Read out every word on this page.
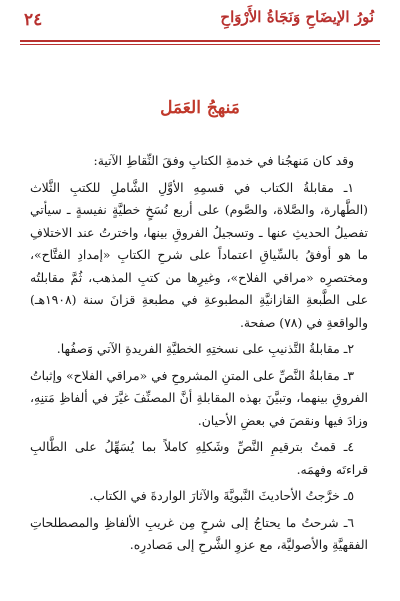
٢٤	نُورُ الإيضَاحِ وَنَجَاةُ الأَرْوَاحِ
مَنهجُ العَمَل

وقد كان مَنهجُنا في خدمةِ الكتابِ وفقَ النِّقاطِ الآتية:

١ـ مقابلةُ الكتاب في قسمِهِ الأوَّلِ الشَّاملِ للكتبِ الثَّلاث (الطَّهارة، والصَّلاة، والصَّوم) على أربع نُسَخٍ خطيَّةٍ نفيسةٍ ـ سيأتي تفصيلُ الحديثِ عنها ـ وتسجيلُ الفروقِ بينها، واخترتُ عند الاختلافِ ما هو أوفقُ بالسِّياقِ اعتماداً على شرحِ الكتابِ «إمدادِ الفتَّاح»، ومختصرِه «مراقي الفلاح»، وغيرِها من كتبِ المذهب، ثُمَّ مقابلتُه على الطَّبعةِ القازانيَّةِ المطبوعةِ في مطبعةِ قزانَ سنة (١٩٠٨هـ) والواقعةِ في (٧٨) صفحة.

٢ـ مقابلةُ التَّذنيبِ على نسختِهِ الخطيَّةِ الفريدةِ الآتي وَصفُها.

٣ـ مقابلةُ النَّصِّ على المتنِ المشروحِ في «مراقي الفلاح» وإثباتُ الفروقِ بينهما، وتبيَّنَ بهذه المقابلةِ أنَّ المصنِّفَ غيَّرَ في ألفاظِ مَتنِهِ، وزادَ فيها ونقصَ في بعضِ الأحيان.

٤ـ قمتُ بترقيمِ النَّصِّ وشَكلِهِ كاملاً بما يُسَهِّلُ على الطَّالبِ قراءتَه وفهمَه.

٥ـ خرَّجتُ الأحاديثَ النَّبويَّةَ والآثارَ الواردةَ في الكتاب.

٦ـ شرحتُ ما يحتاجُ إلى شرحٍ مِن غريبِ الألفاظِ والمصطلحاتِ الفقهيَّةِ والأصوليَّة، مع عزوِ الشَّرحِ إلى مَصادرِه.
